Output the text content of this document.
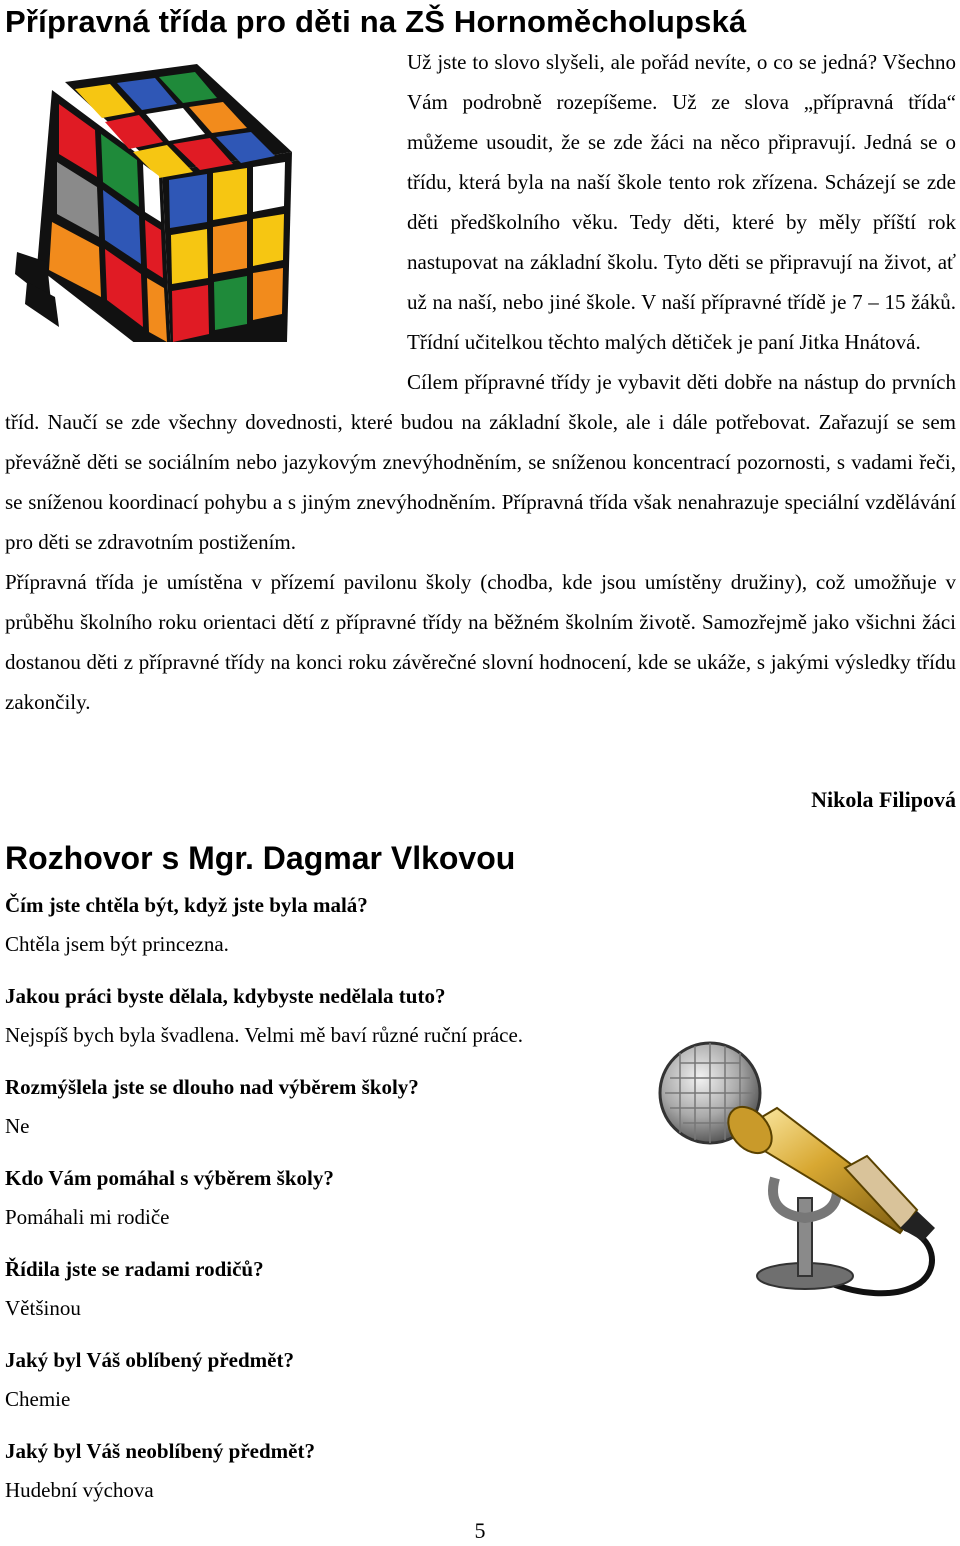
Přípravná třída pro děti na ZŠ Hornoměcholupská

Už jste to slovo slyšeli, ale pořád nevíte, o co se jedná? Všechno Vám podrobně rozepíšeme. Už ze slova „přípravná třída“ můžeme usoudit, že se zde žáci na něco připravují. Jedná se o třídu, která byla na naší škole tento rok zřízena. Scházejí se zde děti předškolního věku. Tedy děti, které by měly příští rok nastupovat na základní školu. Tyto děti se připravují na život, ať už na naší, nebo jiné škole. V naší přípravné třídě je 7 – 15 žáků. Třídní učitelkou těchto malých dětiček je paní Jitka Hnátová.

Cílem přípravné třídy je vybavit děti dobře na nástup do prvních tříd. Naučí se zde všechny dovednosti, které budou na základní škole, ale i dále potřebovat. Zařazují se sem převážně děti se sociálním nebo jazykovým znevýhodněním, se sníženou koncentrací pozornosti, s vadami řeči, se sníženou koordinací pohybu a s jiným znevýhodněním. Přípravná třída však nenahrazuje speciální vzdělávání pro děti se zdravotním postižením.

Přípravná třída je umístěna v přízemí pavilonu školy (chodba, kde jsou umístěny družiny), což umožňuje v průběhu školního roku orientaci dětí z přípravné třídy na běžném školním životě. Samozřejmě jako všichni žáci dostanou děti z přípravné třídy na konci roku závěrečné slovní hodnocení, kde se ukáže, s jakými výsledky třídu zakončily.

Nikola Filipová
Rozhovor s Mgr. Dagmar Vlkovou
Čím jste chtěla být, když jste byla malá?
Chtěla jsem být princezna.
Jakou práci byste dělala, kdybyste nedělala tuto?
Nejspíš bych byla švadlena. Velmi mě baví různé ruční práce.
Rozmýšlela jste se dlouho nad výběrem školy?
Ne
Kdo Vám pomáhal s výběrem školy?
Pomáhali mi rodiče
Řídila jste se radami rodičů?
Většinou
Jaký byl Váš oblíbený předmět?
Chemie
Jaký byl Váš neoblíbený předmět?
Hudební výchova
5
